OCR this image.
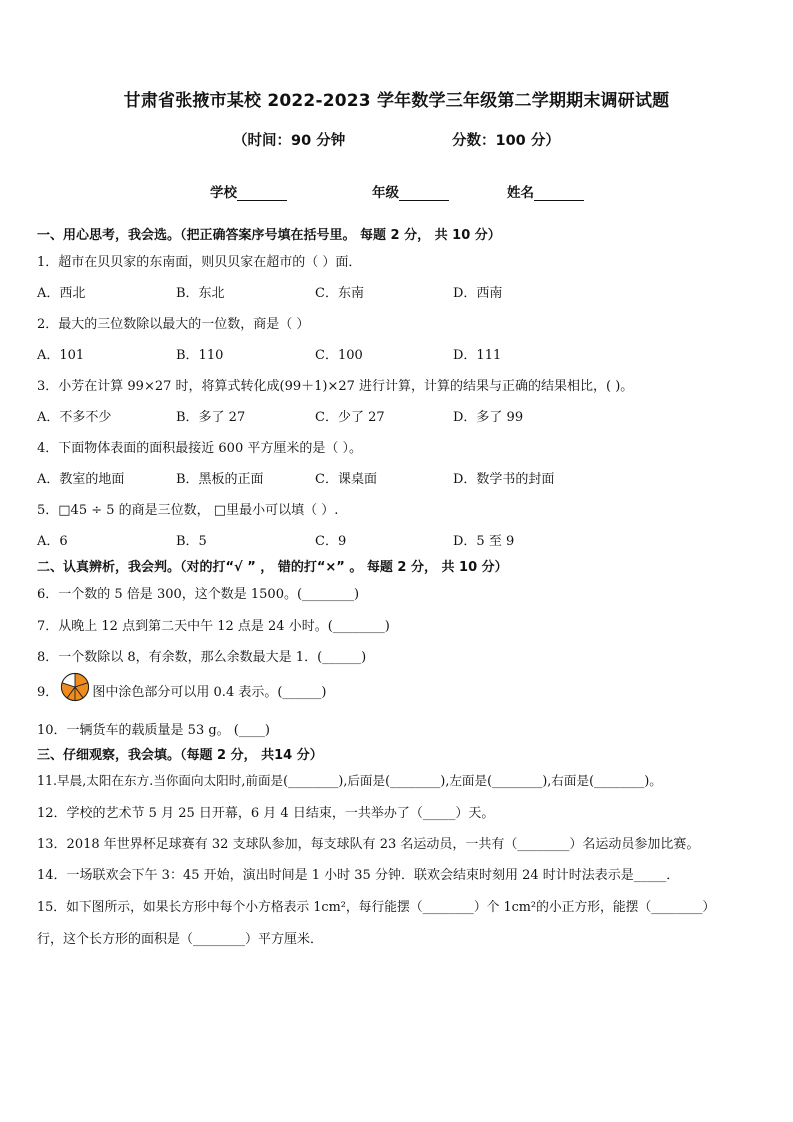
甘肃省张掖市某校 2022-2023 学年数学三年级第二学期期末调研试题
（时间：90 分钟	分数：100 分）
学校	年级	姓名
一、用心思考，我会选。（把正确答案序号填在括号里。 每题 2 分， 共 10 分）
1．超市在贝贝家的东南面，则贝贝家在超市的（ ）面．
A．西北	B．东北	C．东南	D．西南
2．最大的三位数除以最大的一位数，商是（ ）
A．101	B．110	C．100	D．111
3．小芳在计算 99×27 时，将算式转化成(99＋1)×27 进行计算，计算的结果与正确的结果相比，( )。
A．不多不少	B．多了 27	C．少了 27	D．多了 99
4．下面物体表面的面积最接近 600 平方厘米的是（ ）。
A．教室的地面	B．黑板的正面	C．课桌面	D．数学书的封面
5．□45 ÷ 5 的商是三位数， □里最小可以填（ ）.
A．6	B．5	C．9	D．5 至 9
二、认真辨析，我会判。（对的打“√ ” ， 错的打“×” 。 每题 2 分， 共 10 分）
6．一个数的 5 倍是 300，这个数是 1500。(________)
7．从晚上 12 点到第二天中午 12 点是 24 小时。(________)
8．一个数除以 8，有余数，那么余数最大是 1．(______)
9． 图中涂色部分可以用 0.4 表示。(______)
10．一辆货车的载质量是 53 g。 (____)
三、仔细观察，我会填。（每题 2 分， 共14 分）
11.早晨,太阳在东方.当你面向太阳时,前面是(________),后面是(________),左面是(________),右面是(________)。
12．学校的艺术节 5 月 25 日开幕，6 月 4 日结束，一共举办了（_____）天。
13．2018 年世界杯足球赛有 32 支球队参加，每支球队有 23 名运动员，一共有（________）名运动员参加比赛。
14．一场联欢会下午 3：45 开始，演出时间是 1 小时 35 分钟．联欢会结束时刻用 24 时计时法表示是_____．
15．如下图所示，如果长方形中每个小方格表示 1cm²，每行能摆（________）个 1cm²的小正方形，能摆（________）
行，这个长方形的面积是（________）平方厘米．
